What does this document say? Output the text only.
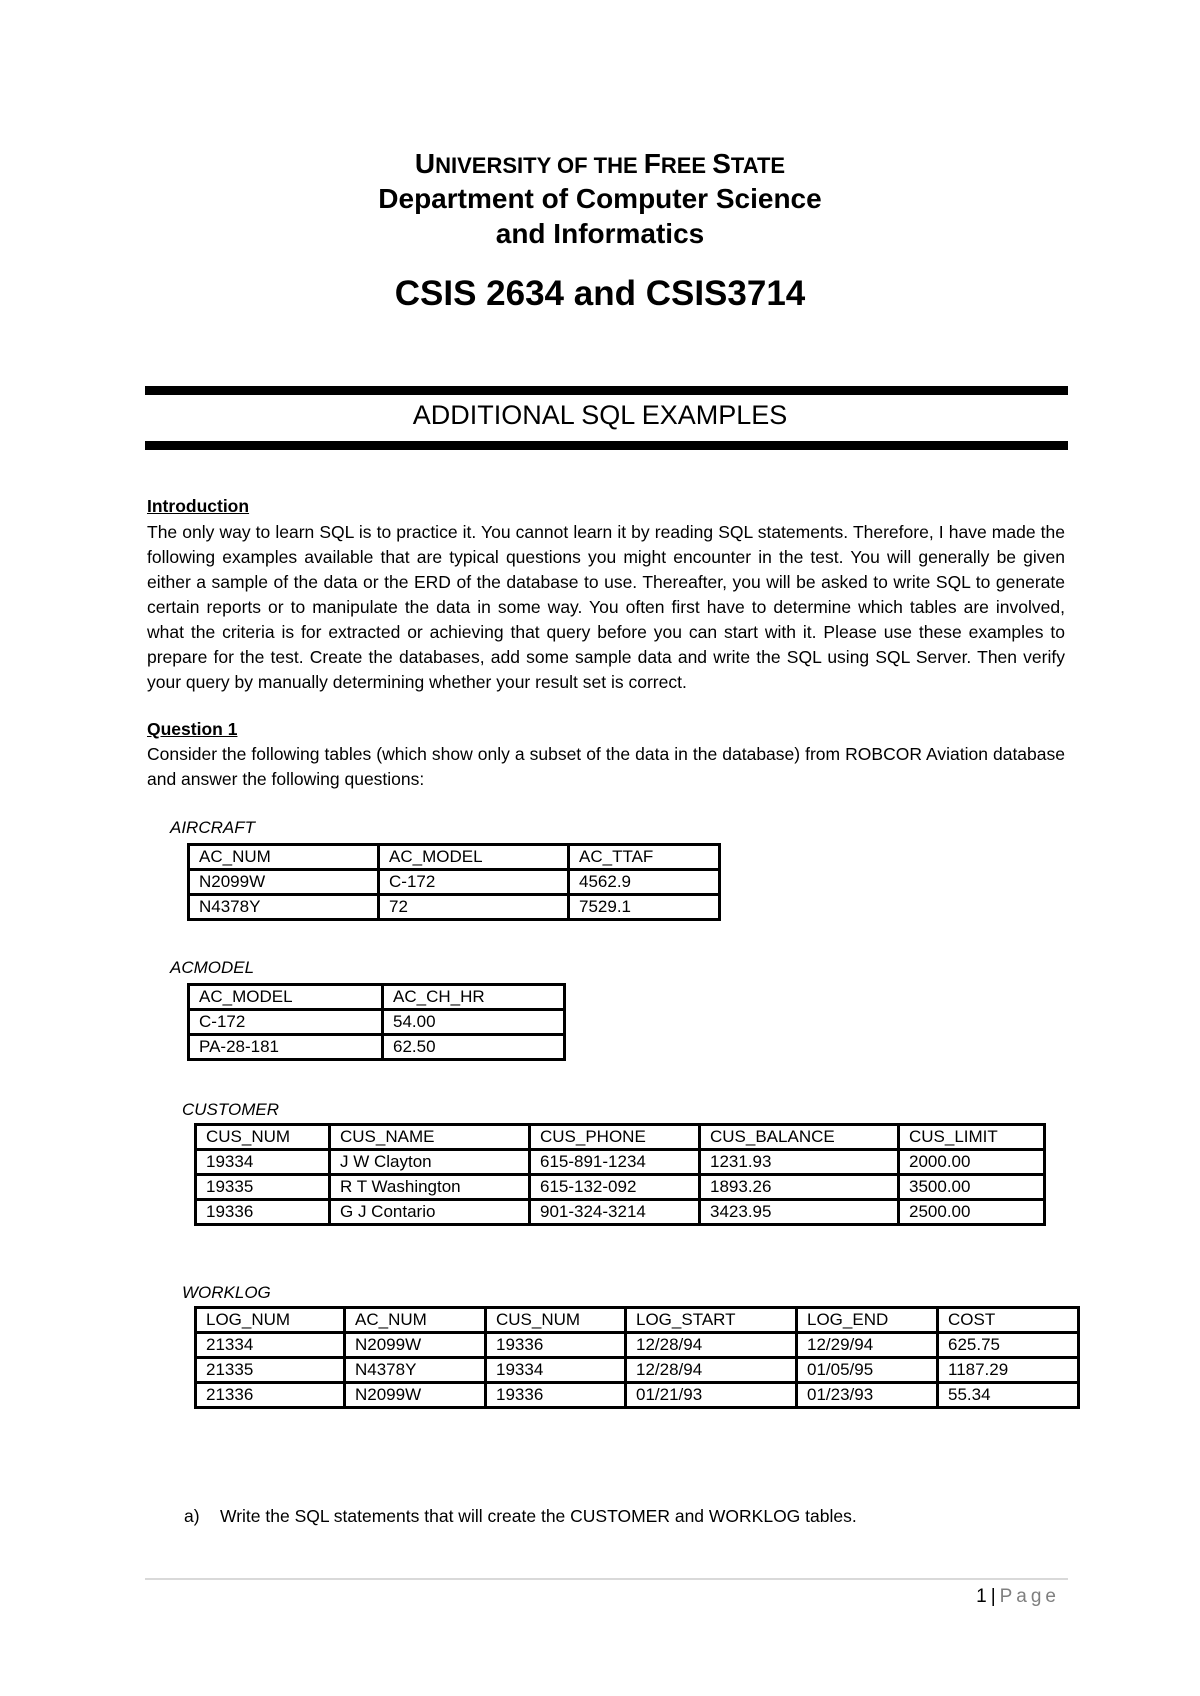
UNIVERSITY OF THE FREE STATE
Department of Computer Science
and Informatics
CSIS 2634 and CSIS3714
ADDITIONAL SQL EXAMPLES
Introduction
The only way to learn SQL is to practice it. You cannot learn it by reading SQL statements. Therefore, I have made the following examples available that are typical questions you might encounter in the test. You will generally be given either a sample of the data or the ERD of the database to use. Thereafter, you will be asked to write SQL to generate certain reports or to manipulate the data in some way. You often first have to determine which tables are involved, what the criteria is for extracted or achieving that query before you can start with it. Please use these examples to prepare for the test. Create the databases, add some sample data and write the SQL using SQL Server. Then verify your query by manually determining whether your result set is correct.
Question 1
Consider the following tables (which show only a subset of the data in the database) from ROBCOR Aviation database and answer the following questions:
AIRCRAFT
AC_NUM	AC_MODEL	AC_TTAF
N2099W	C-172	4562.9
N4378Y	72	7529.1
ACMODEL
AC_MODEL	AC_CH_HR
C-172	54.00
PA-28-181	62.50
CUSTOMER
CUS_NUM	CUS_NAME	CUS_PHONE	CUS_BALANCE	CUS_LIMIT
19334	J W Clayton	615-891-1234	1231.93	2000.00
19335	R T Washington	615-132-092	1893.26	3500.00
19336	G J Contario	901-324-3214	3423.95	2500.00
WORKLOG
LOG_NUM	AC_NUM	CUS_NUM	LOG_START	LOG_END	COST
21334	N2099W	19336	12/28/94	12/29/94	625.75
21335	N4378Y	19334	12/28/94	01/05/95	1187.29
21336	N2099W	19336	01/21/93	01/23/93	55.34
a) Write the SQL statements that will create the CUSTOMER and WORKLOG tables.
1 | Page
